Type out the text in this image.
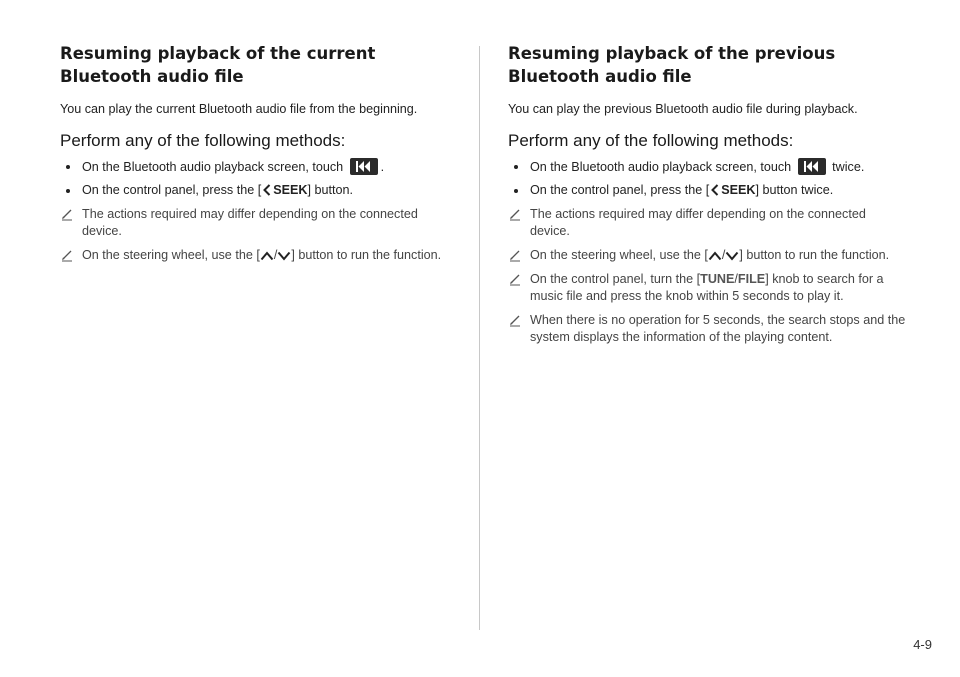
Resuming playback of the current Bluetooth audio file

You can play the current Bluetooth audio file from the beginning.

Perform any of the following methods:
On the Bluetooth audio playback screen, touch	.
On the control panel, press the [ SEEK] button.

The actions required may differ depending on the connected device.

On the steering wheel, use the [ / ] button to run the function.

Resuming playback of the previous Bluetooth audio file

You can play the previous Bluetooth audio file during playback.

Perform any of the following methods:
On the Bluetooth audio playback screen, touch	twice.
On the control panel, press the [ SEEK] button twice.

The actions required may differ depending on the connected device.

On the steering wheel, use the [ / ] button to run the function.

On the control panel, turn the [TUNE/FILE] knob to search for a music file and press the knob within 5 seconds to play it.

When there is no operation for 5 seconds, the search stops and the system displays the information of the playing content.

4-9
